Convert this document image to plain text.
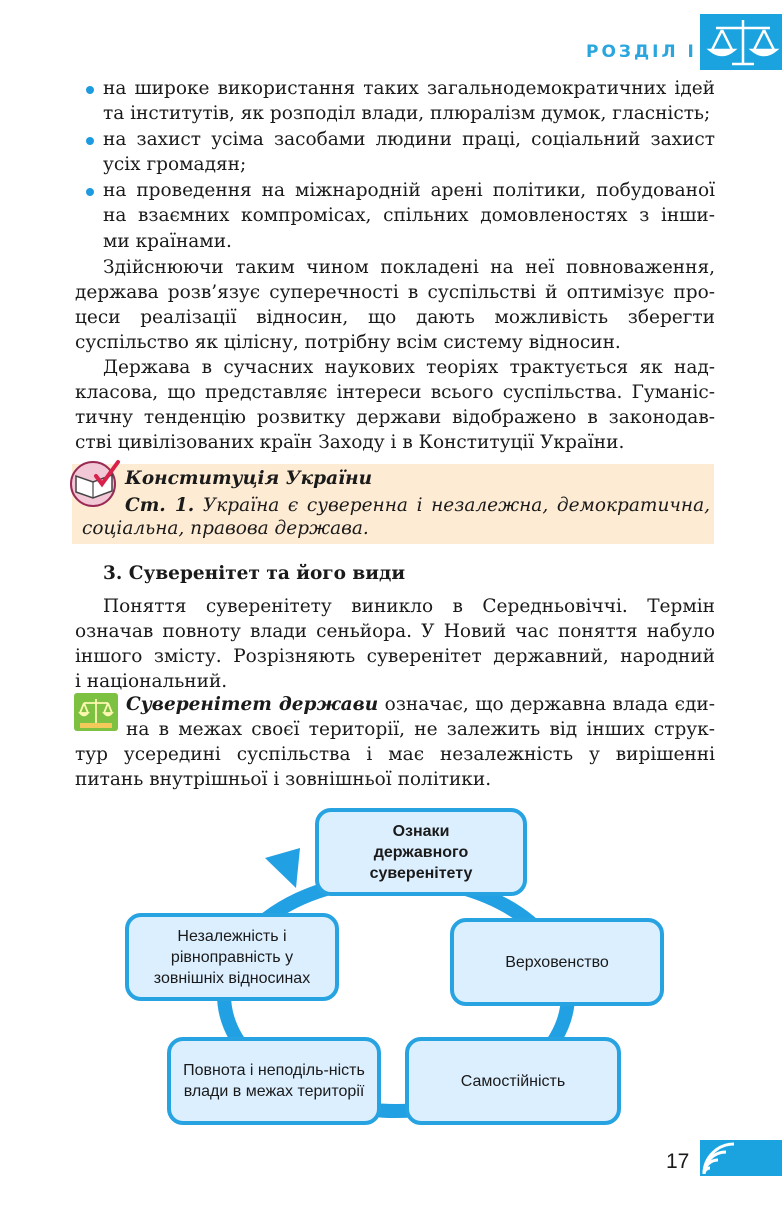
РОЗДІЛ І
на широке використання таких загальнодемократичних ідей
та інститутів, як розподіл влади, плюралізм думок, гласність;
на захист усіма засобами людини праці, соціальний захист
усіх громадян;
на проведення на міжнародній арені політики, побудованої
на взаємних компромісах, спільних домовленостях з інши-
ми країнами.
Здійснюючи таким чином покладені на неї повноваження,
держава розв’язує суперечності в суспільстві й оптимізує про-
цеси реалізації відносин, що дають можливість зберегти
суспільство як цілісну, потрібну всім систему відносин.
Держава в сучасних наукових теоріях трактується як над-
класова, що представляє інтереси всього суспільства. Гуманіс-
тичну тенденцію розвитку держави відображено в законодав-
стві цивілізованих країн Заходу і в Конституції України.
Конституція України
Ст. 1. Україна є суверенна і незалежна, демократична,
соціальна, правова держава.
3. Суверенітет та його види
Поняття суверенітету виникло в Середньовіччі. Термін
означав повноту влади сеньйора. У Новий час поняття набуло
іншого змісту. Розрізняють суверенітет державний, народний
і національний.
Суверенітет держави означає, що державна влада єди-
на в межах своєї території, не залежить від інших струк-
тур усередині суспільства і має незалежність у вирішенні
питань внутрішньої і зовнішньої політики.
Ознаки державного суверенітету
Верховенство
Самостійність
Повнота і неподіль-ність влади в межах території
Незалежність і рівноправність у зовнішніх відносинах
17
